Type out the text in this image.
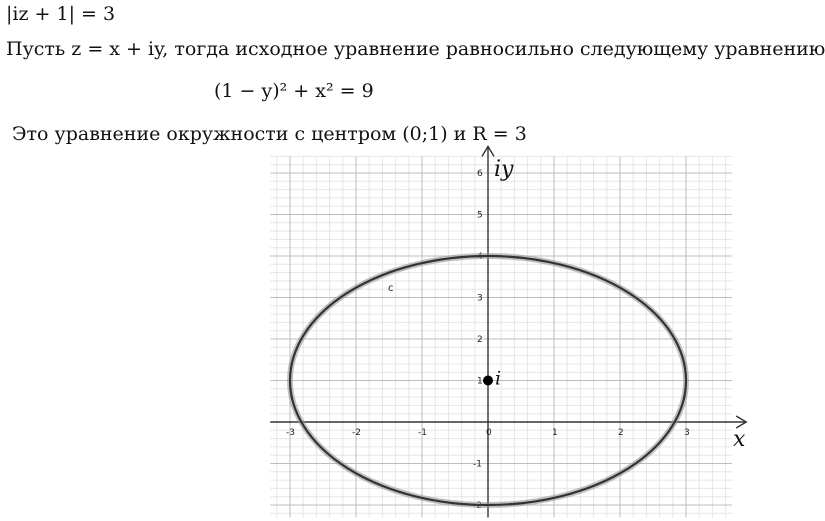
|iz + 1| = 3
Пусть z = x + iy, тогда исходное уравнение равносильно следующему уравнению
(1 − y)² + x² = 9
Это уравнение окружности с центром (0;1) и R = 3
x
iy
-3	-2	-1	0	1	2	3
6
5
4
3
2
1
-1
-2
c
i
